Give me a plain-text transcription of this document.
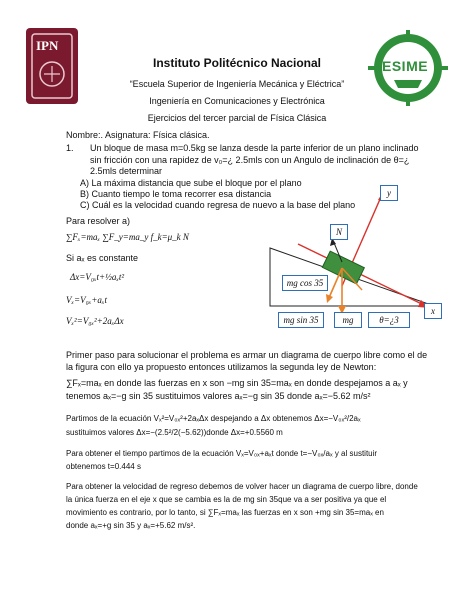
IPN
ESIME
Instituto Politécnico Nacional
“Escuela Superior de Ingeniería Mecánica y Eléctrica”
Ingeniería en Comunicaciones y Electrónica
Ejercicios del tercer parcial de Física Clásica
Nombre:. Asignatura: Física clásica.
1. Un bloque de masa m=0.5kg se lanza desde la parte inferior de un plano inclinado
sin fricción con una rapidez de v₀=¿ 2.5mls con un Angulo de inclinación de θ=¿
2.5mls determinar
A) La máxima distancia que sube el bloque por el plano
B) Cuanto tiempo le toma recorrer esa distancia
C) Cuál es la velocidad cuando regresa de nuevo a la base del plano
Para resolver a)
∑Fₓ=maₓ ∑F_y=ma_y f_k=μ_k N
Si aₓ es constante
Δx=V₀ₓt+½aₓt²
Vₓ=V₀ₓ+aₓt
Vₓ²=V₀ₓ²+2aₓΔx
y
N
mg cos 35
x
mg sin 35	mg	θ=¿3
Primer paso para solucionar el problema es armar un diagrama de cuerpo libre como el de
la figura con ello ya propuesto entonces utilizamos la segunda ley de Newton:
∑Fₓ=maₓ en donde las fuerzas en x son −mg sin 35=maₓ en donde despejamos a aₓ y
tenemos aₓ=−g sin 35 sustituimos valores aₓ=−g sin 35 donde aₓ=−5.62 m/s²
Partimos de la ecuación Vₓ²=V₀ₓ²+2aₓΔx despejando a Δx obtenemos Δx=−V₀ₓ²/2aₓ
sustituimos valores Δx=−(2.5²/2(−5.62))donde Δx=+0.5560 m
Para obtener el tiempo partimos de la ecuación Vₓ=V₀ₓ+aₓt donde t=−V₀ₓ/aₓ y al sustituir
obtenemos t=0.444 s
Para obtener la velocidad de regreso debemos de volver hacer un diagrama de cuerpo libre, donde
la única fuerza en el eje x que se cambia es la de mg sin 35que va a ser positiva ya que el
movimiento es contrario, por lo tanto, si ∑Fₓ=maₓ las fuerzas en x son +mg sin 35=maₓ en
donde aₓ=+g sin 35 y aₓ=+5.62 m/s².
